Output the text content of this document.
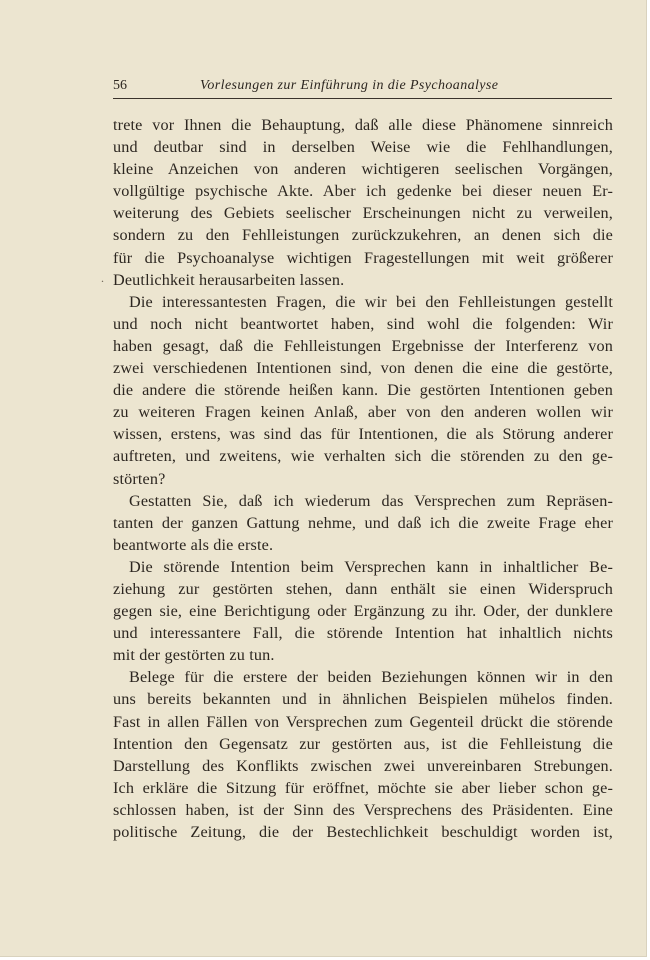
56	Vorlesungen zur Einführung in die Psychoanalyse
.
trete vor Ihnen die Behauptung, daß alle diese Phänomene sinnreich
und deutbar sind in derselben Weise wie die Fehlhandlungen,
kleine Anzeichen von anderen wichtigeren seelischen Vorgängen,
vollgültige psychische Akte. Aber ich gedenke bei dieser neuen Er-
weiterung des Gebiets seelischer Erscheinungen nicht zu verweilen,
sondern zu den Fehlleistungen zurückzukehren, an denen sich die
für die Psychoanalyse wichtigen Fragestellungen mit weit größerer
Deutlichkeit herausarbeiten lassen.
Die interessantesten Fragen, die wir bei den Fehlleistungen gestellt
und noch nicht beantwortet haben, sind wohl die folgenden: Wir
haben gesagt, daß die Fehlleistungen Ergebnisse der Interferenz von
zwei verschiedenen Intentionen sind, von denen die eine die gestörte,
die andere die störende heißen kann. Die gestörten Intentionen geben
zu weiteren Fragen keinen Anlaß, aber von den anderen wollen wir
wissen, erstens, was sind das für Intentionen, die als Störung anderer
auftreten, und zweitens, wie verhalten sich die störenden zu den ge-
störten?
Gestatten Sie, daß ich wiederum das Versprechen zum Repräsen-
tanten der ganzen Gattung nehme, und daß ich die zweite Frage eher
beantworte als die erste.
Die störende Intention beim Versprechen kann in inhaltlicher Be-
ziehung zur gestörten stehen, dann enthält sie einen Widerspruch
gegen sie, eine Berichtigung oder Ergänzung zu ihr. Oder, der dunklere
und interessantere Fall, die störende Intention hat inhaltlich nichts
mit der gestörten zu tun.
Belege für die erstere der beiden Beziehungen können wir in den
uns bereits bekannten und in ähnlichen Beispielen mühelos finden.
Fast in allen Fällen von Versprechen zum Gegenteil drückt die störende
Intention den Gegensatz zur gestörten aus, ist die Fehlleistung die
Darstellung des Konflikts zwischen zwei unvereinbaren Strebungen.
Ich erkläre die Sitzung für eröffnet, möchte sie aber lieber schon ge-
schlossen haben, ist der Sinn des Versprechens des Präsidenten. Eine
politische Zeitung, die der Bestechlichkeit beschuldigt worden ist,
